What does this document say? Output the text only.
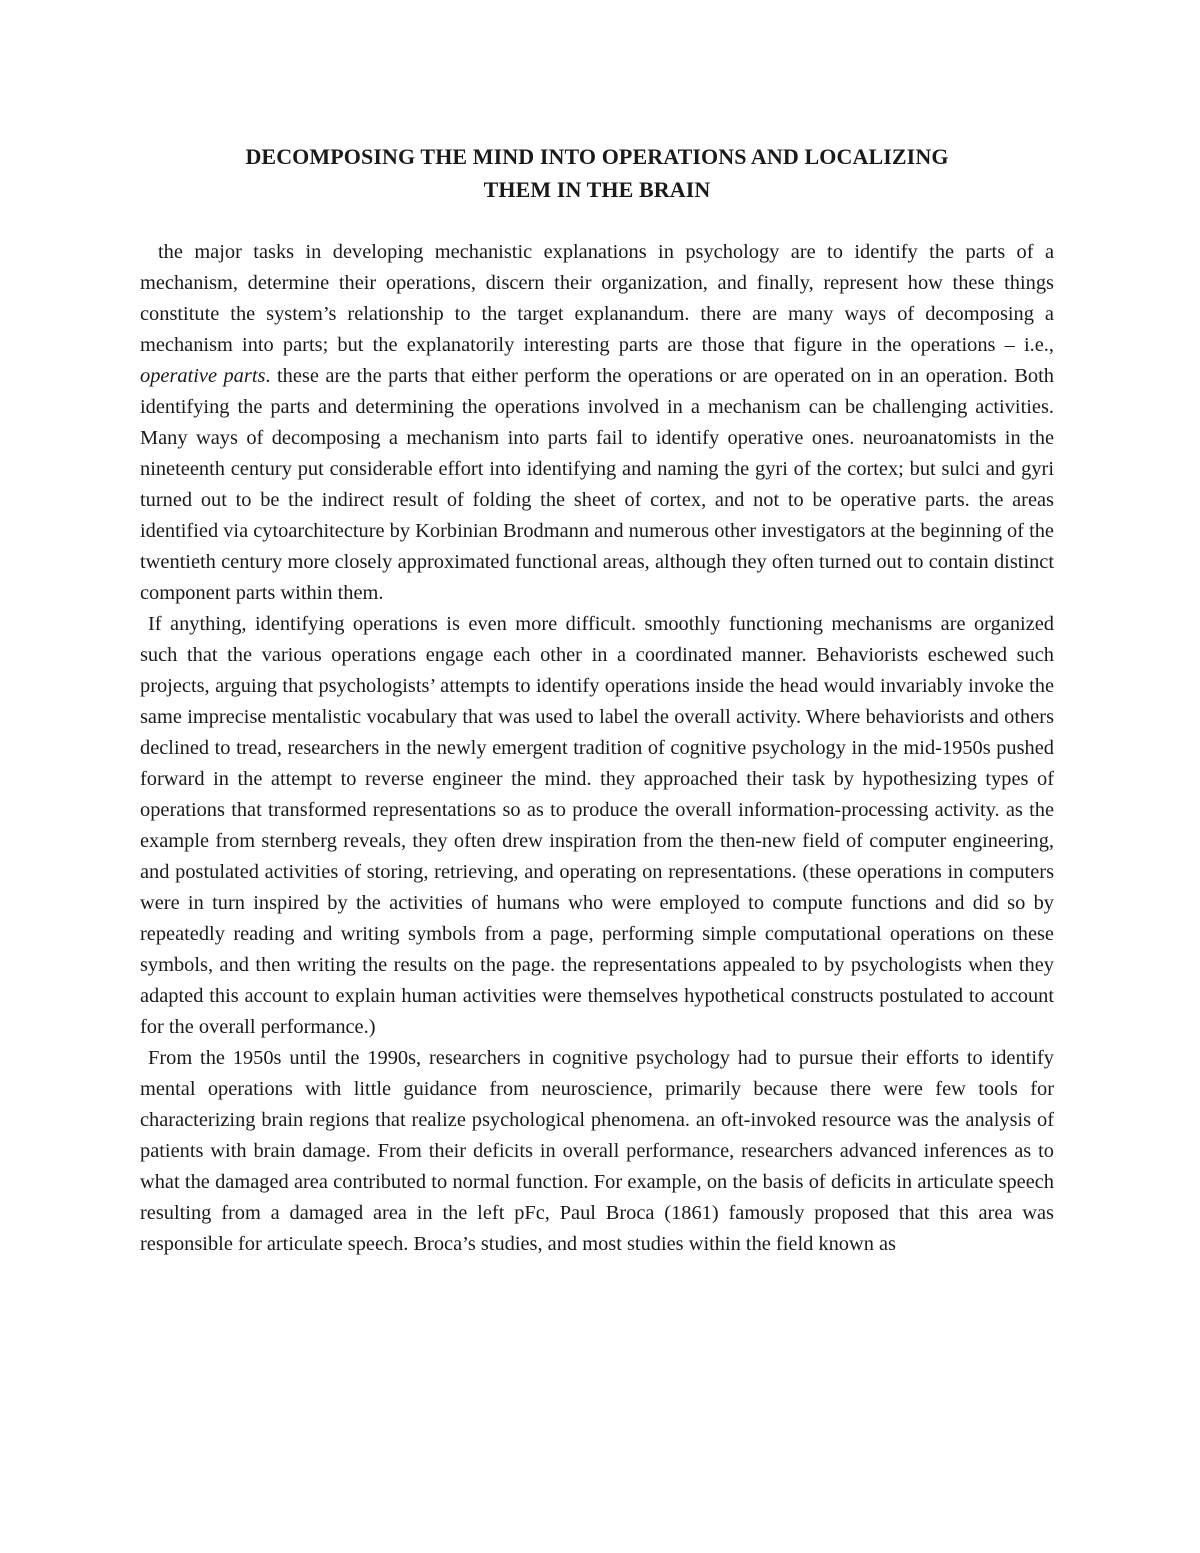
DECOMPOSING THE MIND INTO OPERATIONS AND LOCALIZING
THEM IN THE BRAIN

the major tasks in developing mechanistic explanations in psychology are to identify the parts of a mechanism, determine their operations, discern their organization, and finally, represent how these things constitute the system’s relationship to the target explanandum. there are many ways of decomposing a mechanism into parts; but the explanatorily interesting parts are those that figure in the operations – i.e., operative parts. these are the parts that either perform the operations or are operated on in an operation. Both identifying the parts and determining the operations involved in a mechanism can be challenging activities. Many ways of decomposing a mechanism into parts fail to identify operative ones. neuroanatomists in the nineteenth century put considerable effort into identifying and naming the gyri of the cortex; but sulci and gyri turned out to be the indirect result of folding the sheet of cortex, and not to be operative parts. the areas identified via cytoarchitecture by Korbinian Brodmann and numerous other investigators at the beginning of the twentieth century more closely approximated functional areas, although they often turned out to contain distinct component parts within them.

If anything, identifying operations is even more difficult. smoothly functioning mechanisms are organized such that the various operations engage each other in a coordinated manner. Behaviorists eschewed such projects, arguing that psychologists’ attempts to identify operations inside the head would invariably invoke the same imprecise mentalistic vocabulary that was used to label the overall activity. Where behaviorists and others declined to tread, researchers in the newly emergent tradition of cognitive psychology in the mid-1950s pushed forward in the attempt to reverse engineer the mind. they approached their task by hypothesizing types of operations that transformed representations so as to produce the overall information-processing activity. as the example from sternberg reveals, they often drew inspiration from the then-new field of computer engineering, and postulated activities of storing, retrieving, and operating on representations. (these operations in computers were in turn inspired by the activities of humans who were employed to compute functions and did so by repeatedly reading and writing symbols from a page, performing simple computational operations on these symbols, and then writing the results on the page. the representations appealed to by psychologists when they adapted this account to explain human activities were themselves hypothetical constructs postulated to account for the overall performance.)

From the 1950s until the 1990s, researchers in cognitive psychology had to pursue their efforts to identify mental operations with little guidance from neuroscience, primarily because there were few tools for characterizing brain regions that realize psychological phenomena. an oft-invoked resource was the analysis of patients with brain damage. From their deficits in overall performance, researchers advanced inferences as to what the damaged area contributed to normal function. For example, on the basis of deficits in articulate speech resulting from a damaged area in the left pFc, Paul Broca (1861) famously proposed that this area was responsible for articulate speech. Broca’s studies, and most studies within the field known as
